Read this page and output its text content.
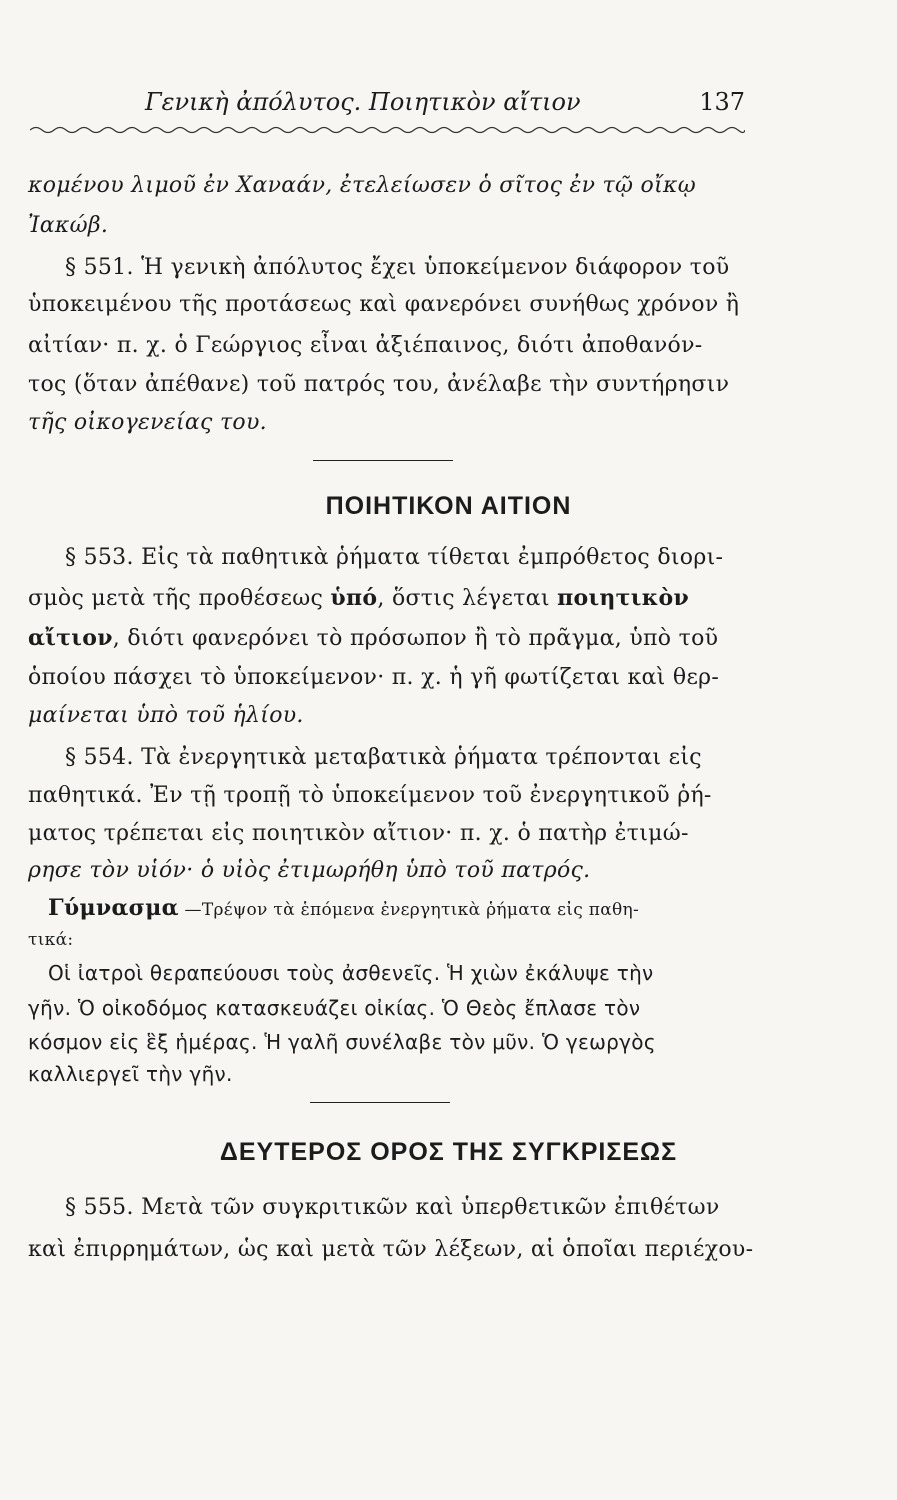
Γενικὴ ἀπόλυτος. Ποιητικὸν αἴτιον	137
κομένου λιμοῦ ἐν Χαναάν, ἐτελείωσεν ὁ σῖτος ἐν τῷ οἴκῳ
Ἰακώβ.
§ 551. Ἡ γενικὴ ἀπόλυτος ἔχει ὑποκείμενον διάφορον τοῦ
ὑποκειμένου τῆς προτάσεως καὶ φανερόνει συνήθως χρόνον ἢ
αἰτίαν· π. χ. ὁ Γεώργιος εἶναι ἀξιέπαινος, διότι ἀποθανόν-
τος (ὅταν ἀπέθανε) τοῦ πατρός του, ἀνέλαβε τὴν συντήρησιν
τῆς οἰκογενείας του.
ΠΟΙΗΤΙΚΟΝ ΑΙΤΙΟΝ
§ 553. Εἰς τὰ παθητικὰ ῥήματα τίθεται ἐμπρόθετος διορι-
σμὸς μετὰ τῆς προθέσεως ὑπό, ὅστις λέγεται ποιητικὸν
αἴτιον, διότι φανερόνει τὸ πρόσωπον ἢ τὸ πρᾶγμα, ὑπὸ τοῦ
ὁποίου πάσχει τὸ ὑποκείμενον· π. χ. ἡ γῆ φωτίζεται καὶ θερ-
μαίνεται ὑπὸ τοῦ ἡλίου.
§ 554. Τὰ ἐνεργητικὰ μεταβατικὰ ῥήματα τρέπονται εἰς
παθητικά. Ἐν τῇ τροπῇ τὸ ὑποκείμενον τοῦ ἐνεργητικοῦ ῥή-
ματος τρέπεται εἰς ποιητικὸν αἴτιον· π. χ. ὁ πατὴρ ἐτιμώ-
ρησε τὸν υἱόν· ὁ υἱὸς ἐτιμωρήθη ὑπὸ τοῦ πατρός.
Γύμνασμα —Τρέψον τὰ ἑπόμενα ἐνεργητικὰ ῥήματα εἰς παθη-
τικά:
Οἱ ἰατροὶ θεραπεύουσι τοὺς ἀσθενεῖς. Ἡ χιὼν ἐκάλυψε τὴν
γῆν. Ὁ οἰκοδόμος κατασκευάζει οἰκίας. Ὁ Θεὸς ἔπλασε τὸν
κόσμον εἰς ἓξ ἡμέρας. Ἡ γαλῆ συνέλαβε τὸν μῦν. Ὁ γεωργὸς
καλλιεργεῖ τὴν γῆν.
ΔΕΥΤΕΡΟΣ ΟΡΟΣ ΤΗΣ ΣΥΓΚΡΙΣΕΩΣ
§ 555. Μετὰ τῶν συγκριτικῶν καὶ ὑπερθετικῶν ἐπιθέτων
καὶ ἐπιρρημάτων, ὡς καὶ μετὰ τῶν λέξεων, αἱ ὁποῖαι περιέχου-
